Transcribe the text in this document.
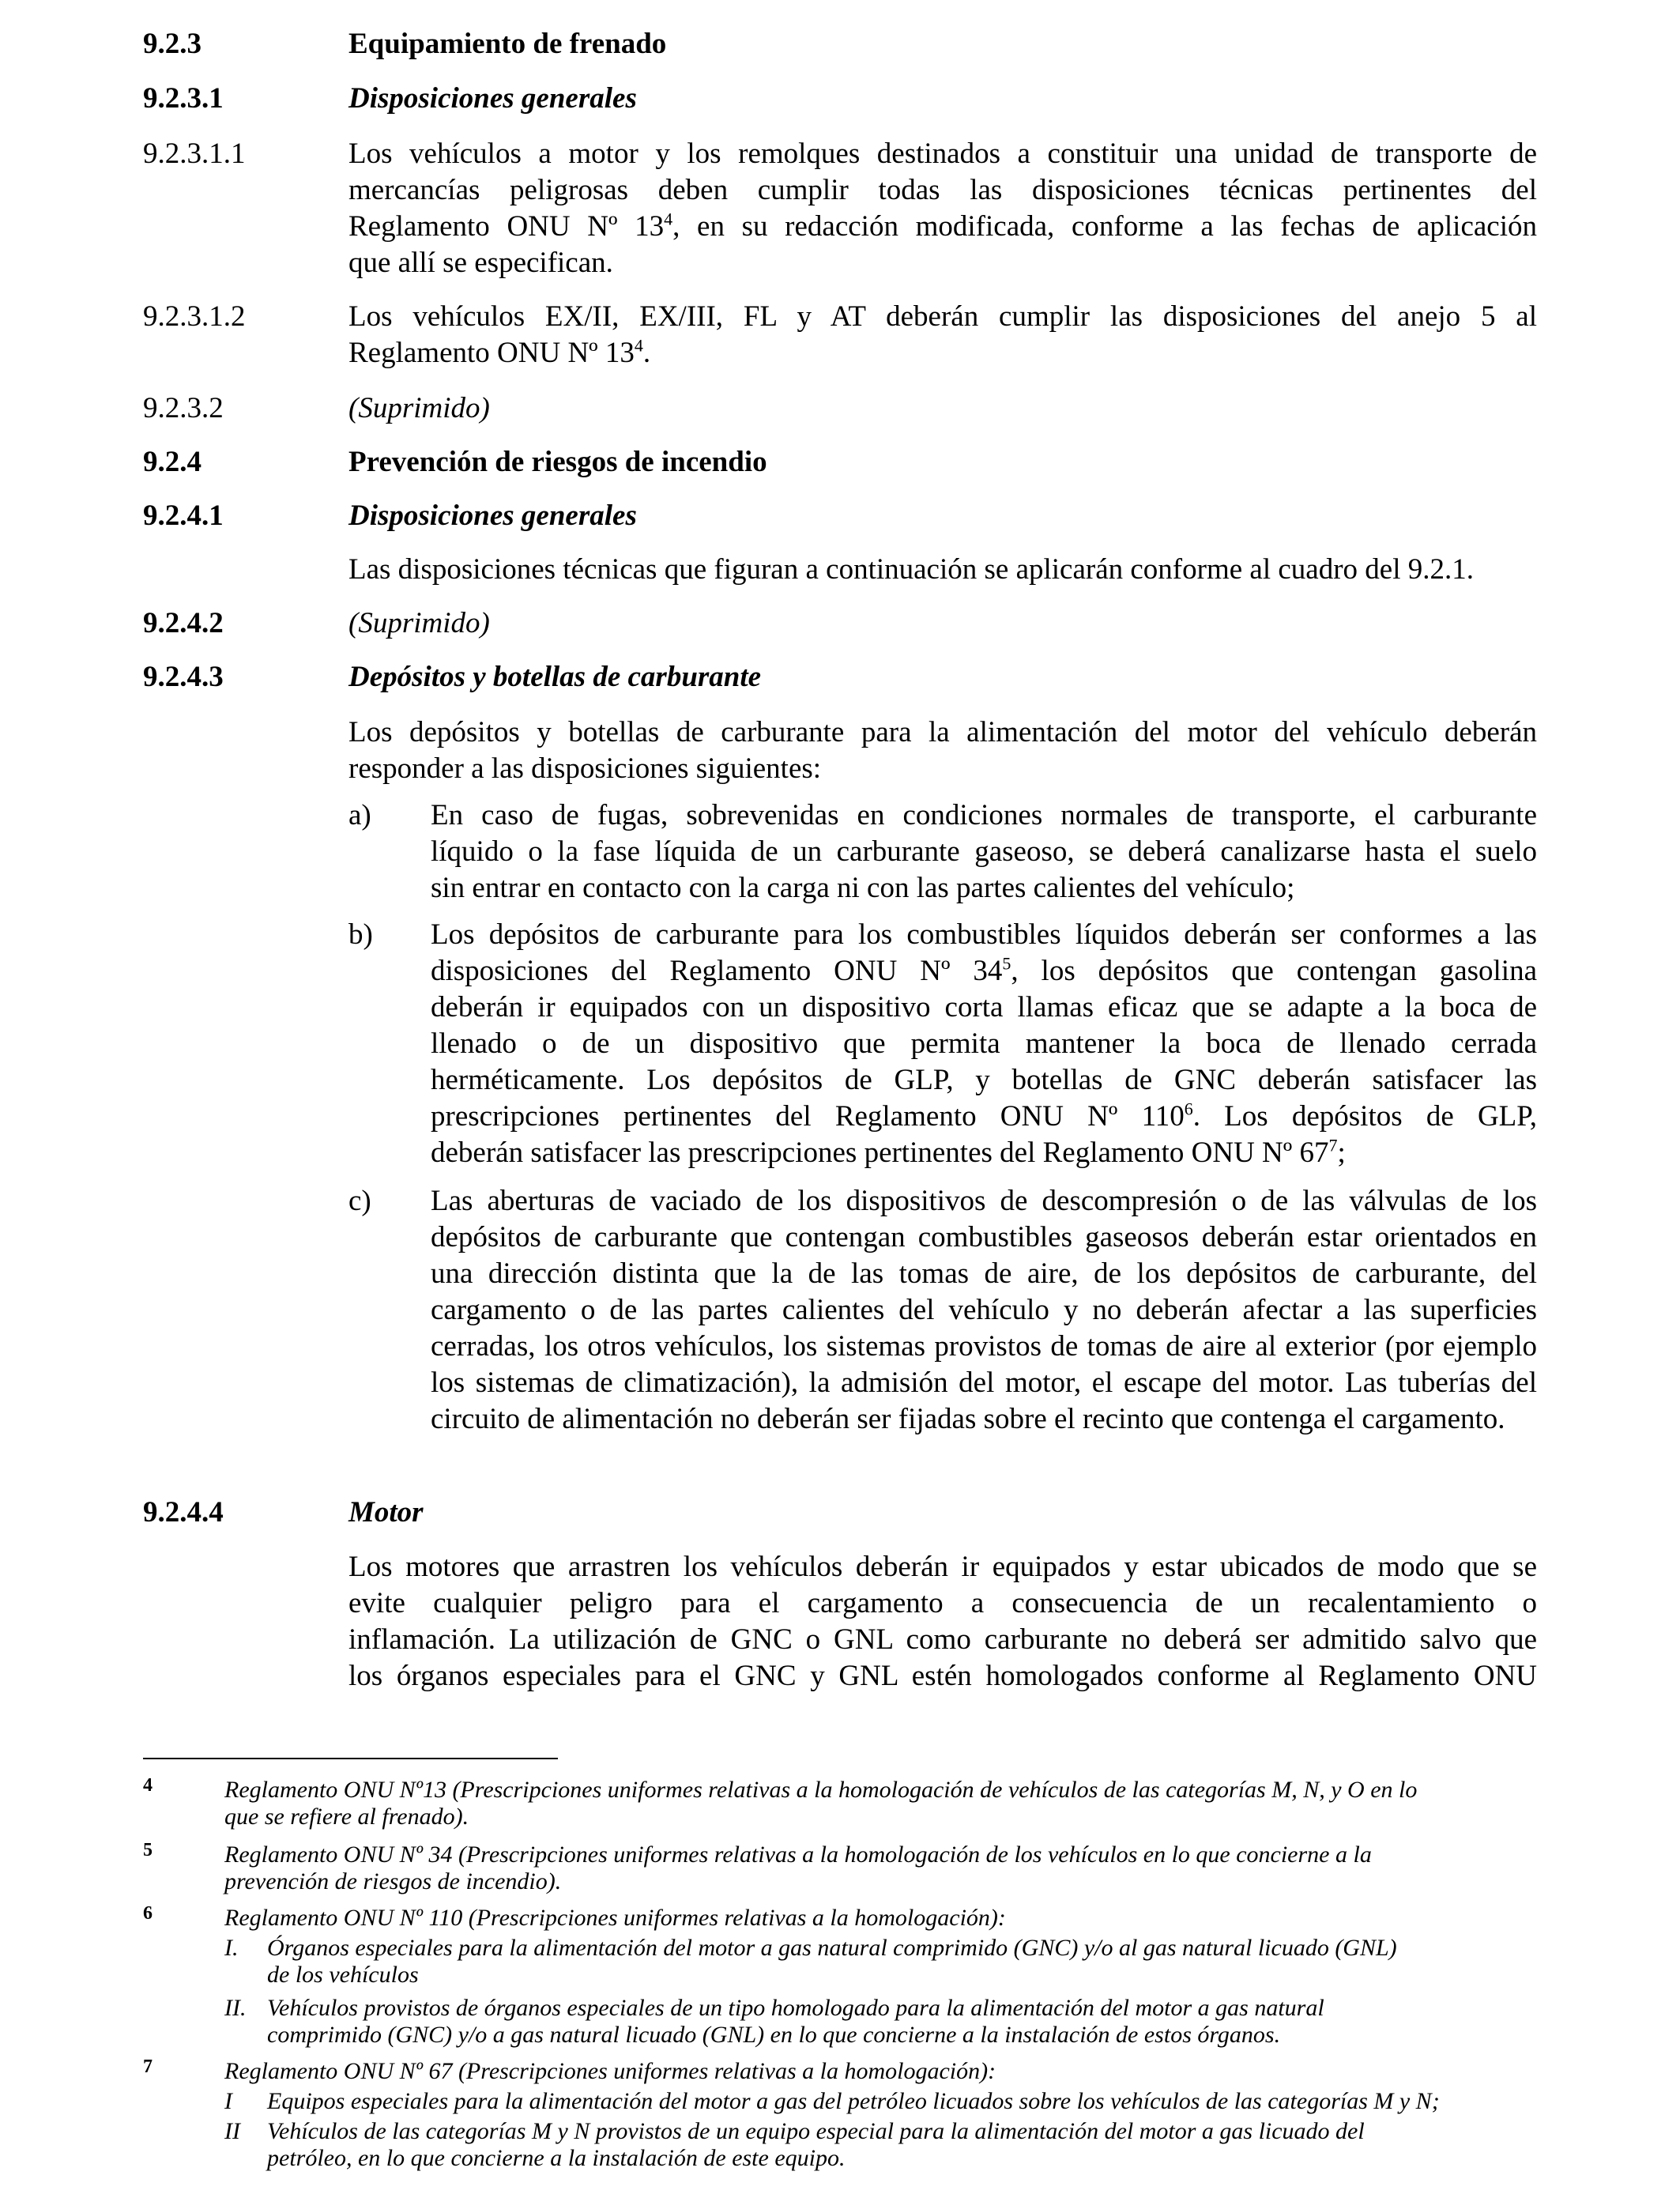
9.2.3	Equipamiento de frenado
9.2.3.1	Disposiciones generales
9.2.3.1.1	Los vehículos a motor y los remolques destinados a constituir una unidad de transporte de
mercancías peligrosas deben cumplir todas las disposiciones técnicas pertinentes del
Reglamento ONU Nº $13^4$, en su redacción modificada, conforme a las fechas de aplicación
que allí se especifican.
9.2.3.1.2	Los vehículos EX/II, EX/III, FL y AT deberán cumplir las disposiciones del anejo 5 al
Reglamento ONU Nº $13^4$.
9.2.3.2	(Suprimido)
9.2.4	Prevención de riesgos de incendio
9.2.4.1	Disposiciones generales
Las disposiciones técnicas que figuran a continuación se aplicarán conforme al cuadro del 9.2.1.
9.2.4.2	(Suprimido)
9.2.4.3	Depósitos y botellas de carburante
Los depósitos y botellas de carburante para la alimentación del motor del vehículo deberán
responder a las disposiciones siguientes:
a) En caso de fugas, sobrevenidas en condiciones normales de transporte, el carburante
líquido o la fase líquida de un carburante gaseoso, se deberá canalizarse hasta el suelo
sin entrar en contacto con la carga ni con las partes calientes del vehículo;
b) Los depósitos de carburante para los combustibles líquidos deberán ser conformes a las
disposiciones del Reglamento ONU Nº $34^5$, los depósitos que contengan gasolina
deberán ir equipados con un dispositivo corta llamas eficaz que se adapte a la boca de
llenado o de un dispositivo que permita mantener la boca de llenado cerrada
herméticamente. Los depósitos de GLP, y botellas de GNC deberán satisfacer las
prescripciones pertinentes del Reglamento ONU Nº $110^6$. Los depósitos de GLP,
deberán satisfacer las prescripciones pertinentes del Reglamento ONU Nº $67^7$;
c) Las aberturas de vaciado de los dispositivos de descompresión o de las válvulas de los
depósitos de carburante que contengan combustibles gaseosos deberán estar orientados en
una dirección distinta que la de las tomas de aire, de los depósitos de carburante, del
cargamento o de las partes calientes del vehículo y no deberán afectar a las superficies
cerradas, los otros vehículos, los sistemas provistos de tomas de aire al exterior (por ejemplo
los sistemas de climatización), la admisión del motor, el escape del motor. Las tuberías del
circuito de alimentación no deberán ser fijadas sobre el recinto que contenga el cargamento.
9.2.4.4	Motor
Los motores que arrastren los vehículos deberán ir equipados y estar ubicados de modo que se
evite cualquier peligro para el cargamento a consecuencia de un recalentamiento o
inflamación. La utilización de GNC o GNL como carburante no deberá ser admitido salvo que
los órganos especiales para el GNC y GNL estén homologados conforme al Reglamento ONU
4	Reglamento ONU Nº13 (Prescripciones uniformes relativas a la homologación de vehículos de las categorías M, N, y O en lo
que se refiere al frenado).
5	Reglamento ONU Nº 34 (Prescripciones uniformes relativas a la homologación de los vehículos en lo que concierne a la
prevención de riesgos de incendio).
6	Reglamento ONU Nº 110 (Prescripciones uniformes relativas a la homologación):
I. Órganos especiales para la alimentación del motor a gas natural comprimido (GNC) y/o al gas natural licuado (GNL)
de los vehículos
II. Vehículos provistos de órganos especiales de un tipo homologado para la alimentación del motor a gas natural
comprimido (GNC) y/o a gas natural licuado (GNL) en lo que concierne a la instalación de estos órganos.
7	Reglamento ONU Nº 67 (Prescripciones uniformes relativas a la homologación):
I Equipos especiales para la alimentación del motor a gas del petróleo licuados sobre los vehículos de las categorías M y N;
II Vehículos de las categorías M y N provistos de un equipo especial para la alimentación del motor a gas licuado del
petróleo, en lo que concierne a la instalación de este equipo.
